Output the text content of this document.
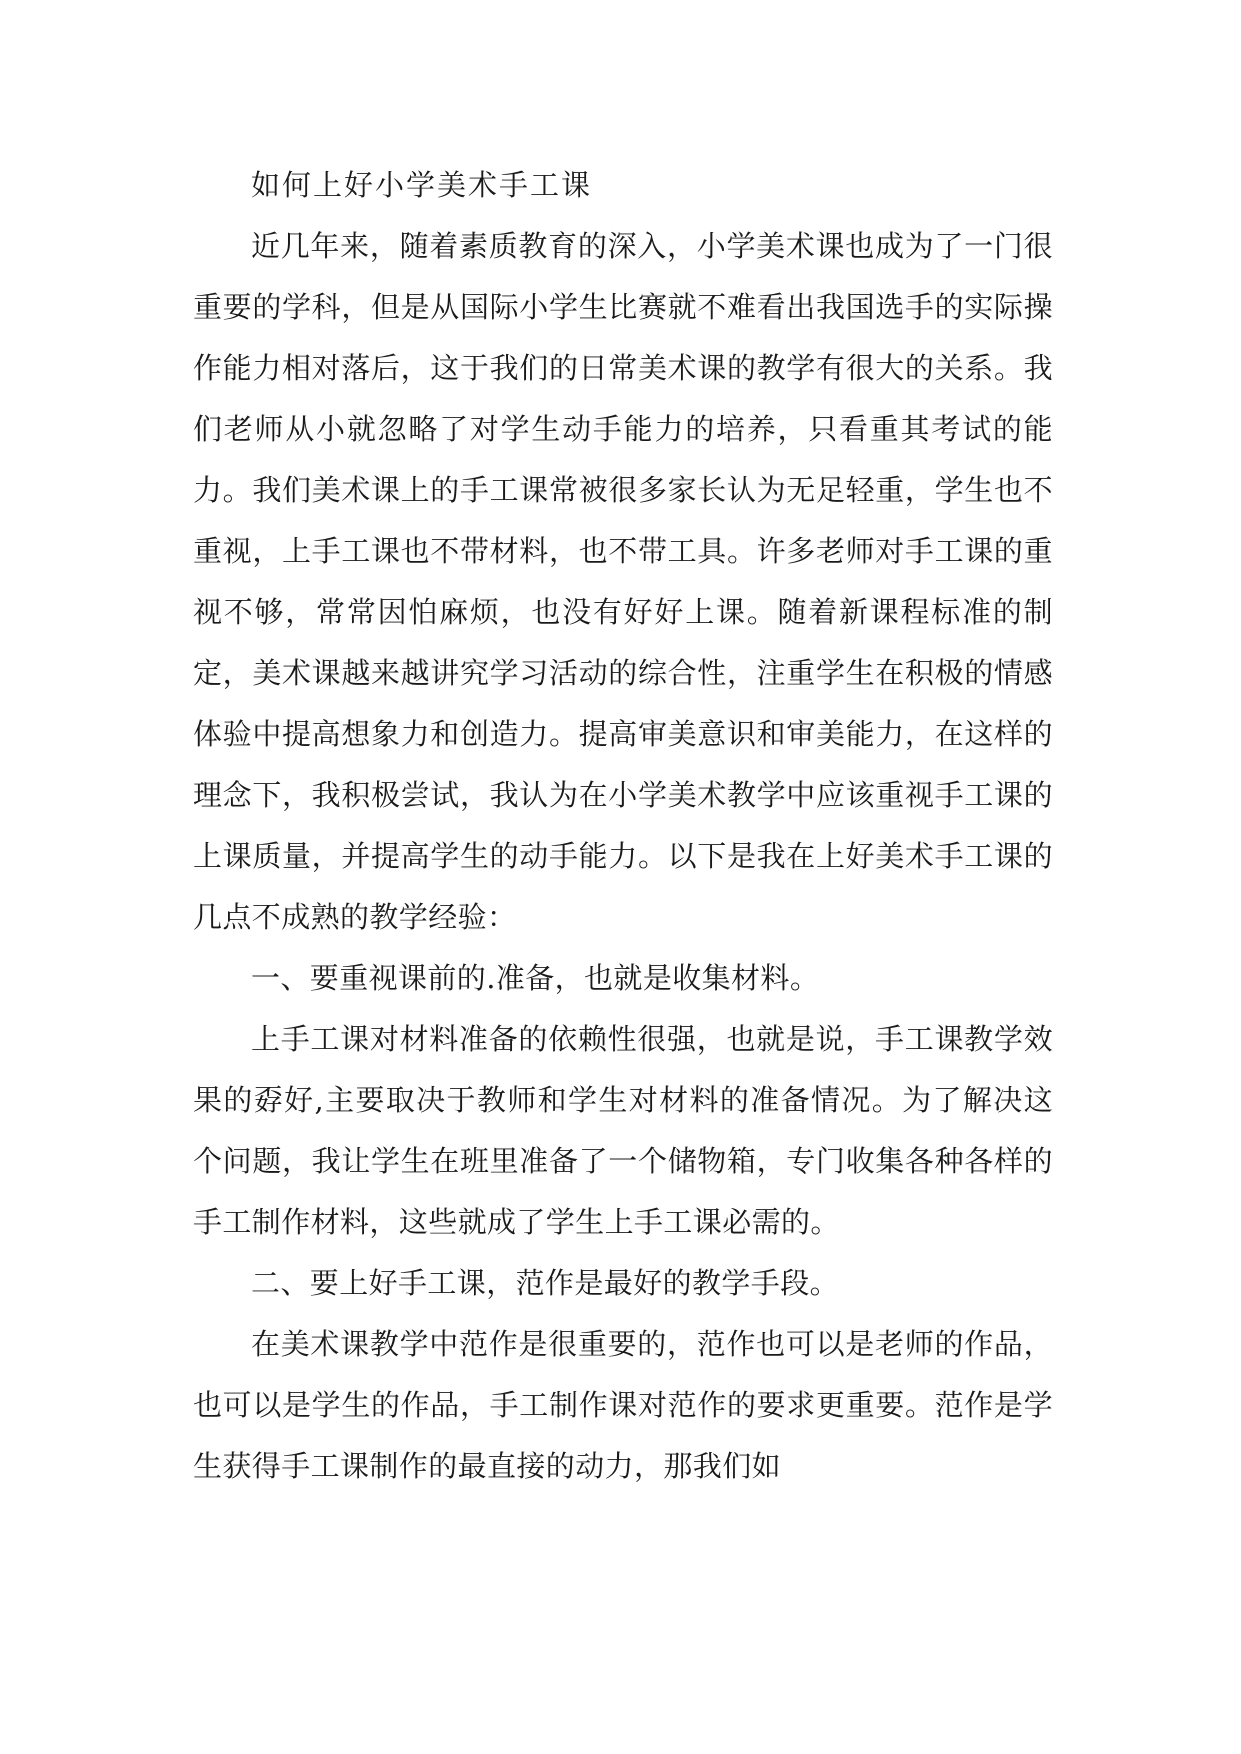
如何上好小学美术手工课

近几年来，随着素质教育的深入，小学美术课也成为了一门很重要的学科，但是从国际小学生比赛就不难看出我国选手的实际操作能力相对落后，这于我们的日常美术课的教学有很大的关系。我们老师从小就忽略了对学生动手能力的培养，只看重其考试的能力。我们美术课上的手工课常被很多家长认为无足轻重，学生也不重视，上手工课也不带材料，也不带工具。许多老师对手工课的重视不够，常常因怕麻烦，也没有好好上课。随着新课程标准的制定，美术课越来越讲究学习活动的综合性，注重学生在积极的情感体验中提高想象力和创造力。提高审美意识和审美能力，在这样的理念下，我积极尝试，我认为在小学美术教学中应该重视手工课的上课质量，并提高学生的动手能力。以下是我在上好美术手工课的几点不成熟的教学经验：

一、要重视课前的.准备，也就是收集材料。

上手工课对材料准备的依赖性很强，也就是说，手工课教学效果的孬好,主要取决于教师和学生对材料的准备情况。为了解决这个问题，我让学生在班里准备了一个储物箱，专门收集各种各样的手工制作材料，这些就成了学生上手工课必需的。

二、要上好手工课，范作是最好的教学手段。

在美术课教学中范作是很重要的，范作也可以是老师的作品，也可以是学生的作品，手工制作课对范作的要求更重要。范作是学生获得手工课制作的最直接的动力，那我们如
